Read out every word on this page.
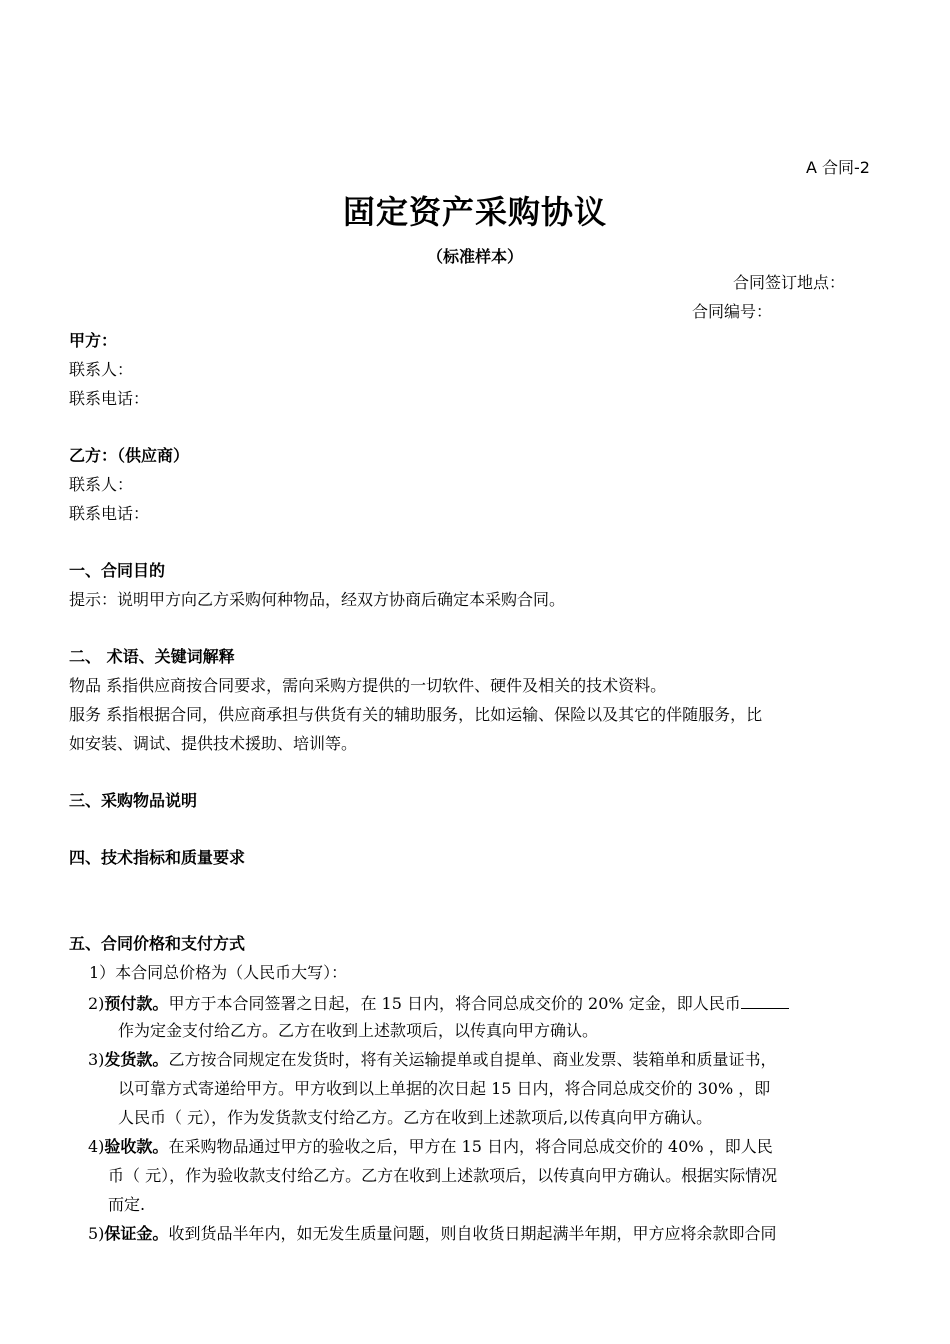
A 合同-2
固定资产采购协议
（标准样本）
合同签订地点：
合同编号：
甲方：
联系人：
联系电话：
乙方：（供应商）
联系人：
联系电话：
一、合同目的
提示：说明甲方向乙方采购何种物品，经双方协商后确定本采购合同。
二、 术语、关键词解释
物品 系指供应商按合同要求，需向采购方提供的一切软件、硬件及相关的技术资料。
服务 系指根据合同，供应商承担与供货有关的辅助服务，比如运输、保险以及其它的伴随服务，比
如安装、调试、提供技术援助、培训等。
三、采购物品说明
四、技术指标和质量要求
五、合同价格和支付方式
1）本合同总价格为（人民币大写）：
2)预付款。甲方于本合同签署之日起，在 15 日内，将合同总成交价的 20% 定金，即人民币
作为定金支付给乙方。乙方在收到上述款项后，以传真向甲方确认。
3)发货款。乙方按合同规定在发货时，将有关运输提单或自提单、商业发票、装箱单和质量证书，
以可靠方式寄递给甲方。甲方收到以上单据的次日起 15 日内，将合同总成交价的 30% ，即
人民币（ 元），作为发货款支付给乙方。乙方在收到上述款项后,以传真向甲方确认。
4)验收款。在采购物品通过甲方的验收之后，甲方在 15 日内，将合同总成交价的 40% ，即人民
币（ 元），作为验收款支付给乙方。乙方在收到上述款项后，以传真向甲方确认。根据实际情况
而定.
5)保证金。收到货品半年内，如无发生质量问题，则自收货日期起满半年期，甲方应将余款即合同
